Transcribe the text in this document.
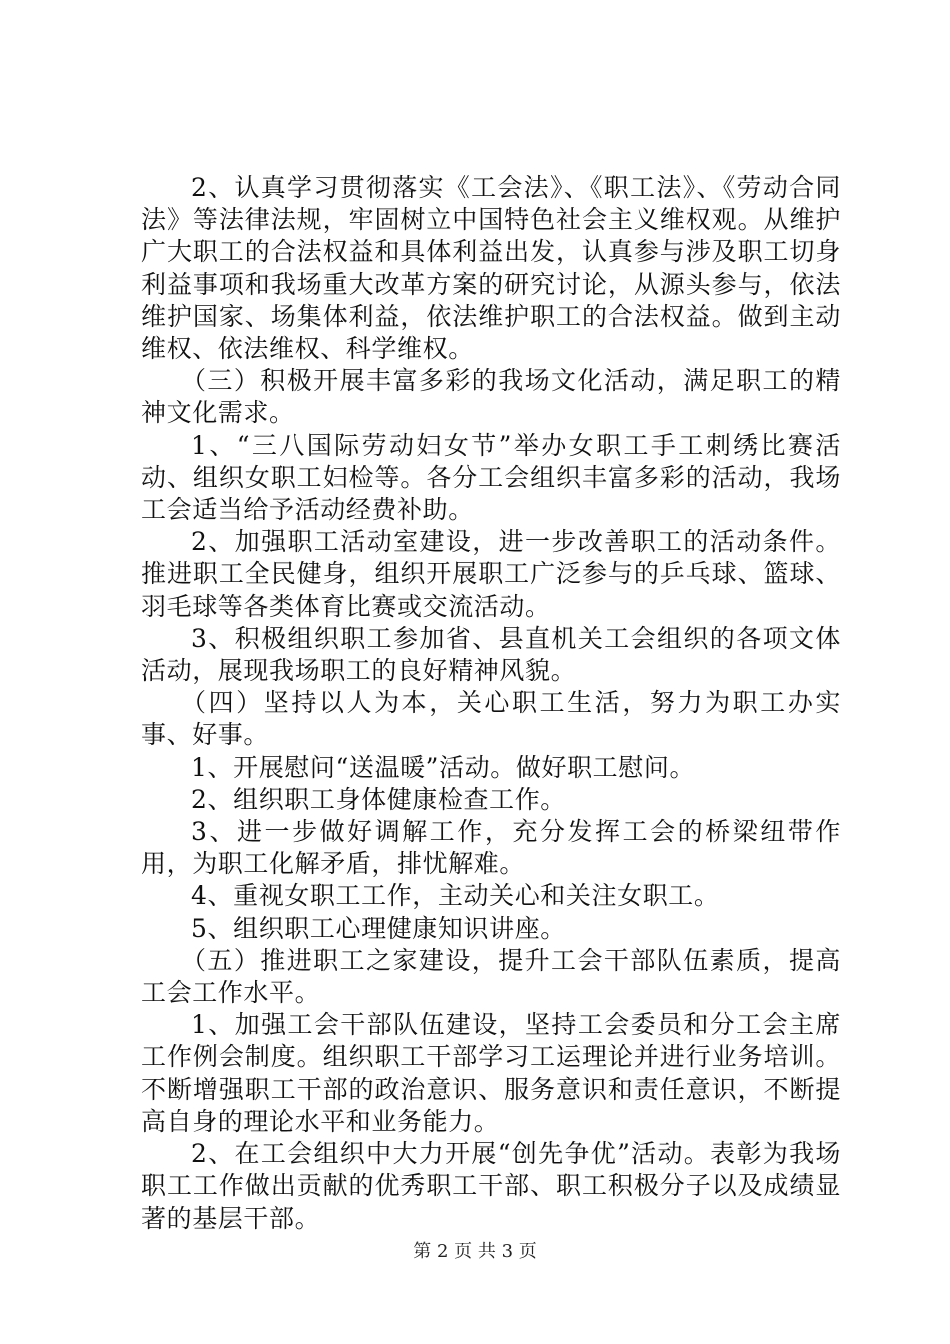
2、认真学习贯彻落实《工会法》、《职工法》、《劳动合同法》等法律法规，牢固树立中国特色社会主义维权观。从维护广大职工的合法权益和具体利益出发，认真参与涉及职工切身利益事项和我场重大改革方案的研究讨论，从源头参与，依法维护国家、场集体利益，依法维护职工的合法权益。做到主动维权、依法维权、科学维权。

（三）积极开展丰富多彩的我场文化活动，满足职工的精神文化需求。

1、“三八国际劳动妇女节”举办女职工手工刺绣比赛活动、组织女职工妇检等。各分工会组织丰富多彩的活动，我场工会适当给予活动经费补助。

2、加强职工活动室建设，进一步改善职工的活动条件。推进职工全民健身，组织开展职工广泛参与的乒乓球、篮球、羽毛球等各类体育比赛或交流活动。

3、积极组织职工参加省、县直机关工会组织的各项文体活动，展现我场职工的良好精神风貌。

（四）坚持以人为本，关心职工生活，努力为职工办实事、好事。

1、开展慰问“送温暖”活动。做好职工慰问。

2、组织职工身体健康检查工作。

3、进一步做好调解工作，充分发挥工会的桥梁纽带作用，为职工化解矛盾，排忧解难。

4、重视女职工工作，主动关心和关注女职工。

5、组织职工心理健康知识讲座。

（五）推进职工之家建设，提升工会干部队伍素质，提高工会工作水平。

1、加强工会干部队伍建设，坚持工会委员和分工会主席工作例会制度。组织职工干部学习工运理论并进行业务培训。不断增强职工干部的政治意识、服务意识和责任意识，不断提高自身的理论水平和业务能力。

2、在工会组织中大力开展“创先争优”活动。表彰为我场职工工作做出贡献的优秀职工干部、职工积极分子以及成绩显著的基层干部。

第 2 页 共 3 页
